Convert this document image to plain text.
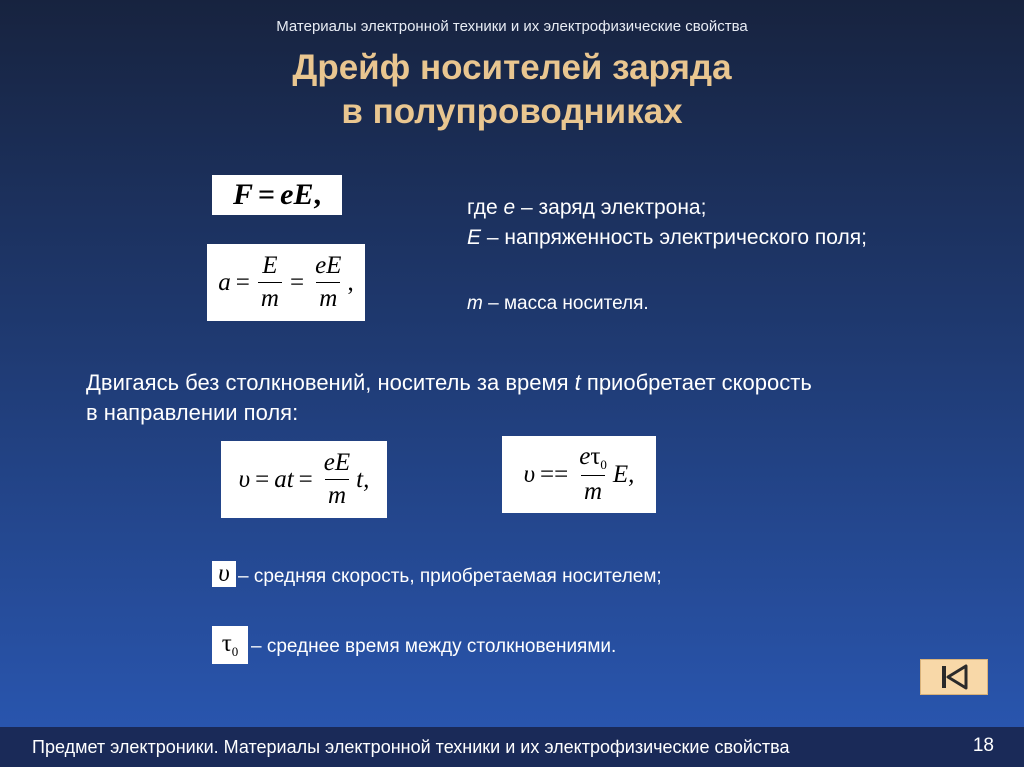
Материалы электронной техники и их электрофизические свойства
Дрейф носителей заряда
в полупроводниках
F = eE ,
$a = \frac{E}{m} = \frac{eE}{m}$ ,
где e – заряд электрона;
E – напряженность электрического поля;
m – масса носителя.
Двигаясь без столкновений, носитель за время t приобретает скорость
в направлении поля:
υ = at = $\frac{eE}{m} t$,	$\upsilon == \frac{e\tau_0}{m} E$,
υ – средняя скорость, приобретаемая носителем;
$\tau_0$ – среднее время между столкновениями.
Предмет электроники. Материалы электронной техники и их электрофизические свойства	18
